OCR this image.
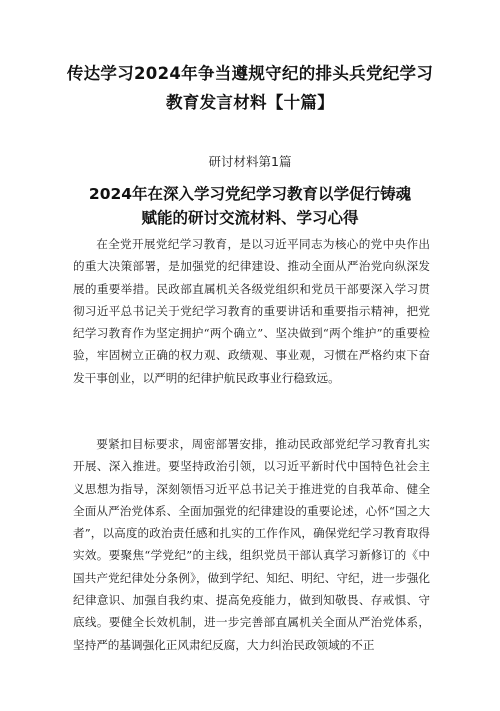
传达学习2024年争当遵规守纪的排头兵党纪学习
教育发言材料【十篇】
研讨材料第1篇
2024年在深入学习党纪学习教育以学促行铸魂
赋能的研讨交流材料、学习心得

在全党开展党纪学习教育，是以习近平同志为核心的党中央作出的重大决策部署，是加强党的纪律建设、推动全面从严治党向纵深发展的重要举措。民政部直属机关各级党组织和党员干部要深入学习贯彻习近平总书记关于党纪学习教育的重要讲话和重要指示精神，把党纪学习教育作为坚定拥护“两个确立”、坚决做到“两个维护”的重要检验，牢固树立正确的权力观、政绩观、事业观，习惯在严格约束下奋发干事创业，以严明的纪律护航民政事业行稳致远。

要紧扣目标要求，周密部署安排，推动民政部党纪学习教育扎实开展、深入推进。要坚持政治引领，以习近平新时代中国特色社会主义思想为指导，深刻领悟习近平总书记关于推进党的自我革命、健全全面从严治党体系、全面加强党的纪律建设的重要论述，心怀“国之大者”，以高度的政治责任感和扎实的工作作风，确保党纪学习教育取得实效。要聚焦“学党纪”的主线，组织党员干部认真学习新修订的《中国共产党纪律处分条例》，做到学纪、知纪、明纪、守纪，进一步强化纪律意识、加强自我约束、提高免疫能力，做到知敬畏、存戒惧、守底线。要健全长效机制，进一步完善部直属机关全面从严治党体系，坚持严的基调强化正风肃纪反腐，大力纠治民政领域的不正
